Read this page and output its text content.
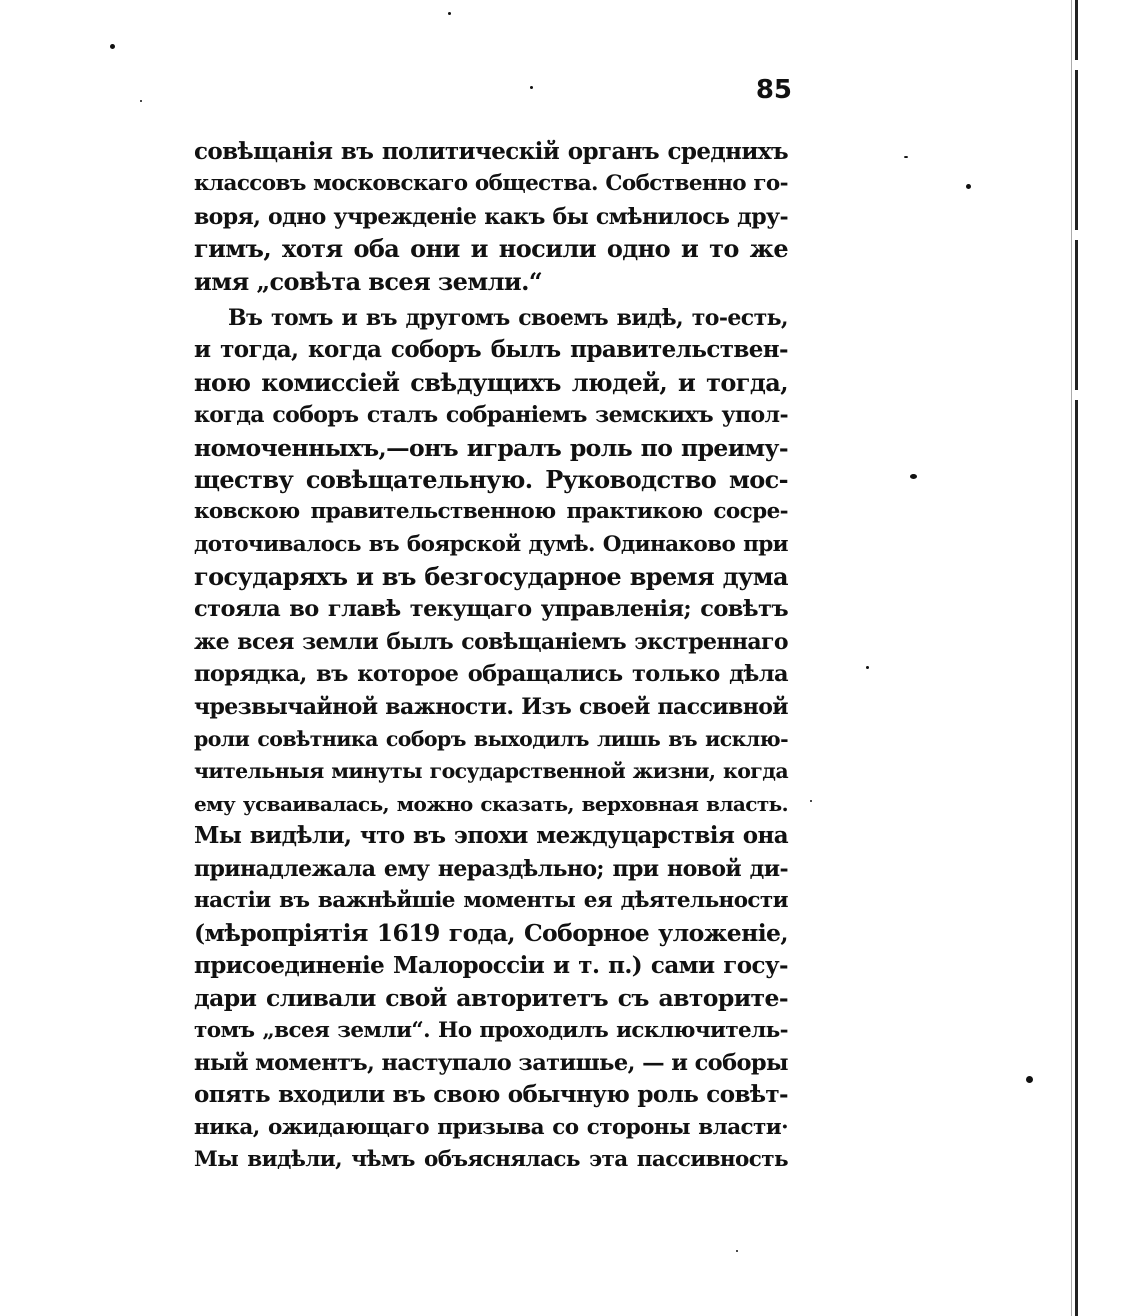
85
совѣщанія въ политическій органъ среднихъ
классовъ московскаго общества. Собственно го-
воря, одно учрежденіе какъ бы смѣнилось дру-
гимъ, хотя оба они и носили одно и то же
имя „совѣта всея земли.“
Въ томъ и въ другомъ своемъ видѣ, то-есть,
и тогда, когда соборъ былъ правительствен-
ною комиссіей свѣдущихъ людей, и тогда,
когда соборъ сталъ собраніемъ земскихъ упол-
номоченныхъ,—онъ игралъ роль по преиму-
ществу совѣщательную. Руководство мос-
ковскою правительственною практикою сосре-
доточивалось въ боярской думѣ. Одинаково при
государяхъ и въ безгосударное время дума
стояла во главѣ текущаго управленія; совѣтъ
же всея земли былъ совѣщаніемъ экстреннаго
порядка, въ которое обращались только дѣла
чрезвычайной важности. Изъ своей пассивной
роли совѣтника соборъ выходилъ лишь въ исклю-
чительныя минуты государственной жизни, когда
ему усваивалась, можно сказать, верховная власть.
Мы видѣли, что въ эпохи междуцарствія она
принадлежала ему нераздѣльно; при новой ди-
настіи въ важнѣйшіе моменты ея дѣятельности
(мѣропріятія 1619 года, Соборное уложеніе,
присоединеніе Малороссіи и т. п.) сами госу-
дари сливали свой авторитетъ съ авторите-
томъ „всея земли“. Но проходилъ исключитель-
ный моментъ, наступало затишье, — и соборы
опять входили въ свою обычную роль совѣт-
ника, ожидающаго призыва со стороны власти·
Мы видѣли, чѣмъ объяснялась эта пассивность
